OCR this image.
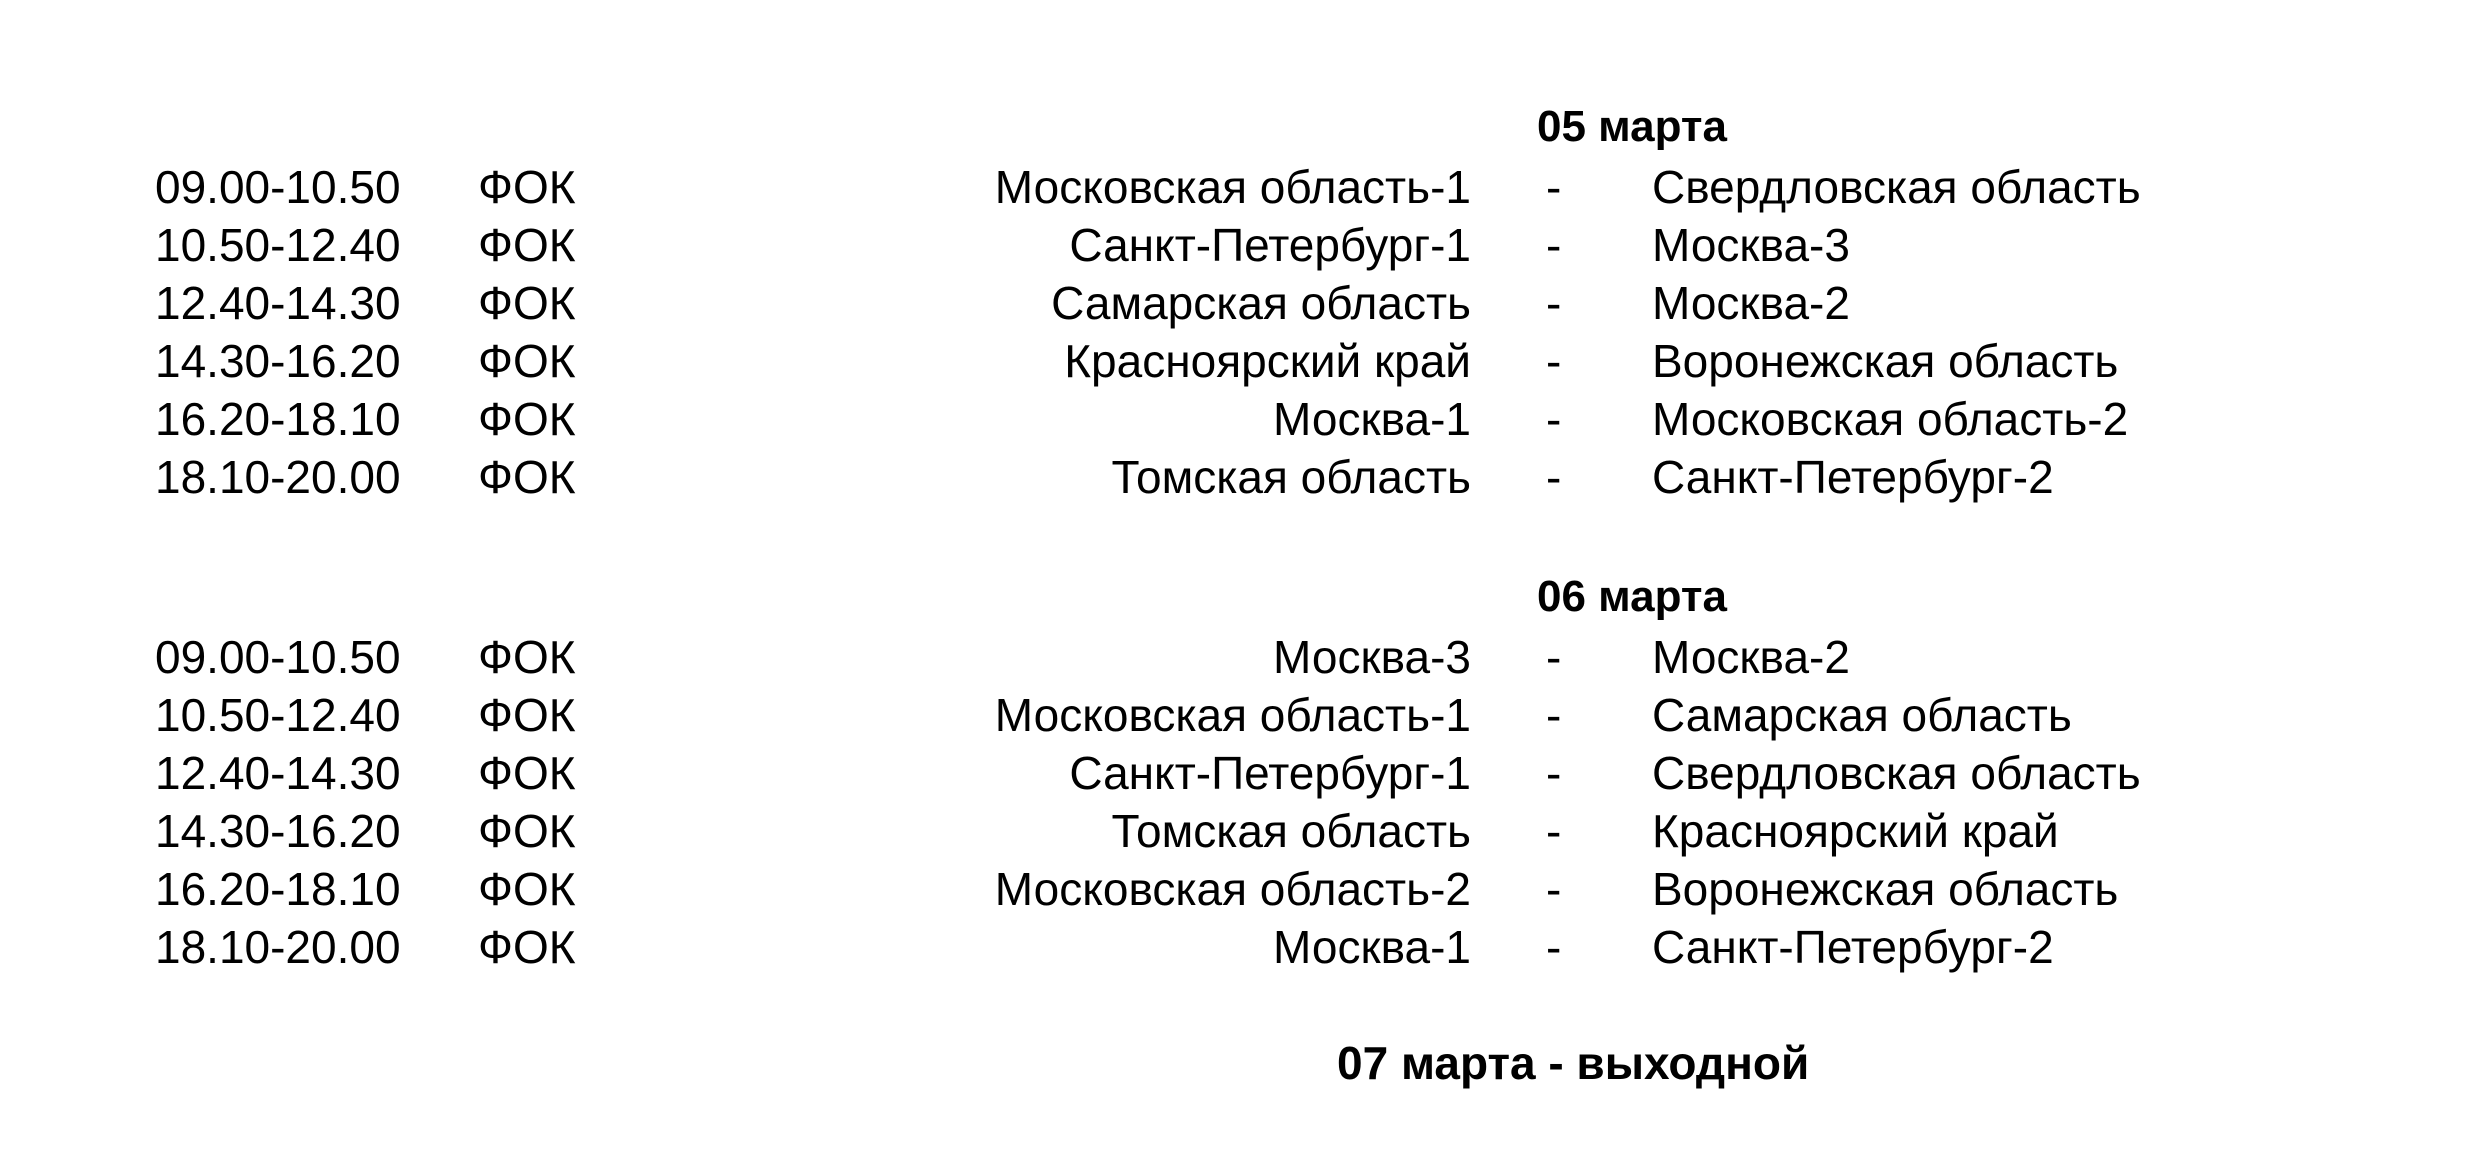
05 марта
09.00-10.50 ФОК	Московская область-1 - Свердловская область
10.50-12.40 ФОК	Санкт-Петербург-1 - Москва-3
12.40-14.30 ФОК	Самарская область - Москва-2
14.30-16.20 ФОК	Красноярский край - Воронежская область
16.20-18.10 ФОК	Москва-1 - Московская область-2
18.10-20.00 ФОК	Томская область - Санкт-Петербург-2
06 марта
09.00-10.50 ФОК	Москва-3 - Москва-2
10.50-12.40 ФОК	Московская область-1 - Самарская область
12.40-14.30 ФОК	Санкт-Петербург-1 - Свердловская область
14.30-16.20 ФОК	Томская область - Красноярский край
16.20-18.10 ФОК	Московская область-2 - Воронежская область
18.10-20.00 ФОК	Москва-1 - Санкт-Петербург-2
07 марта - выходной
